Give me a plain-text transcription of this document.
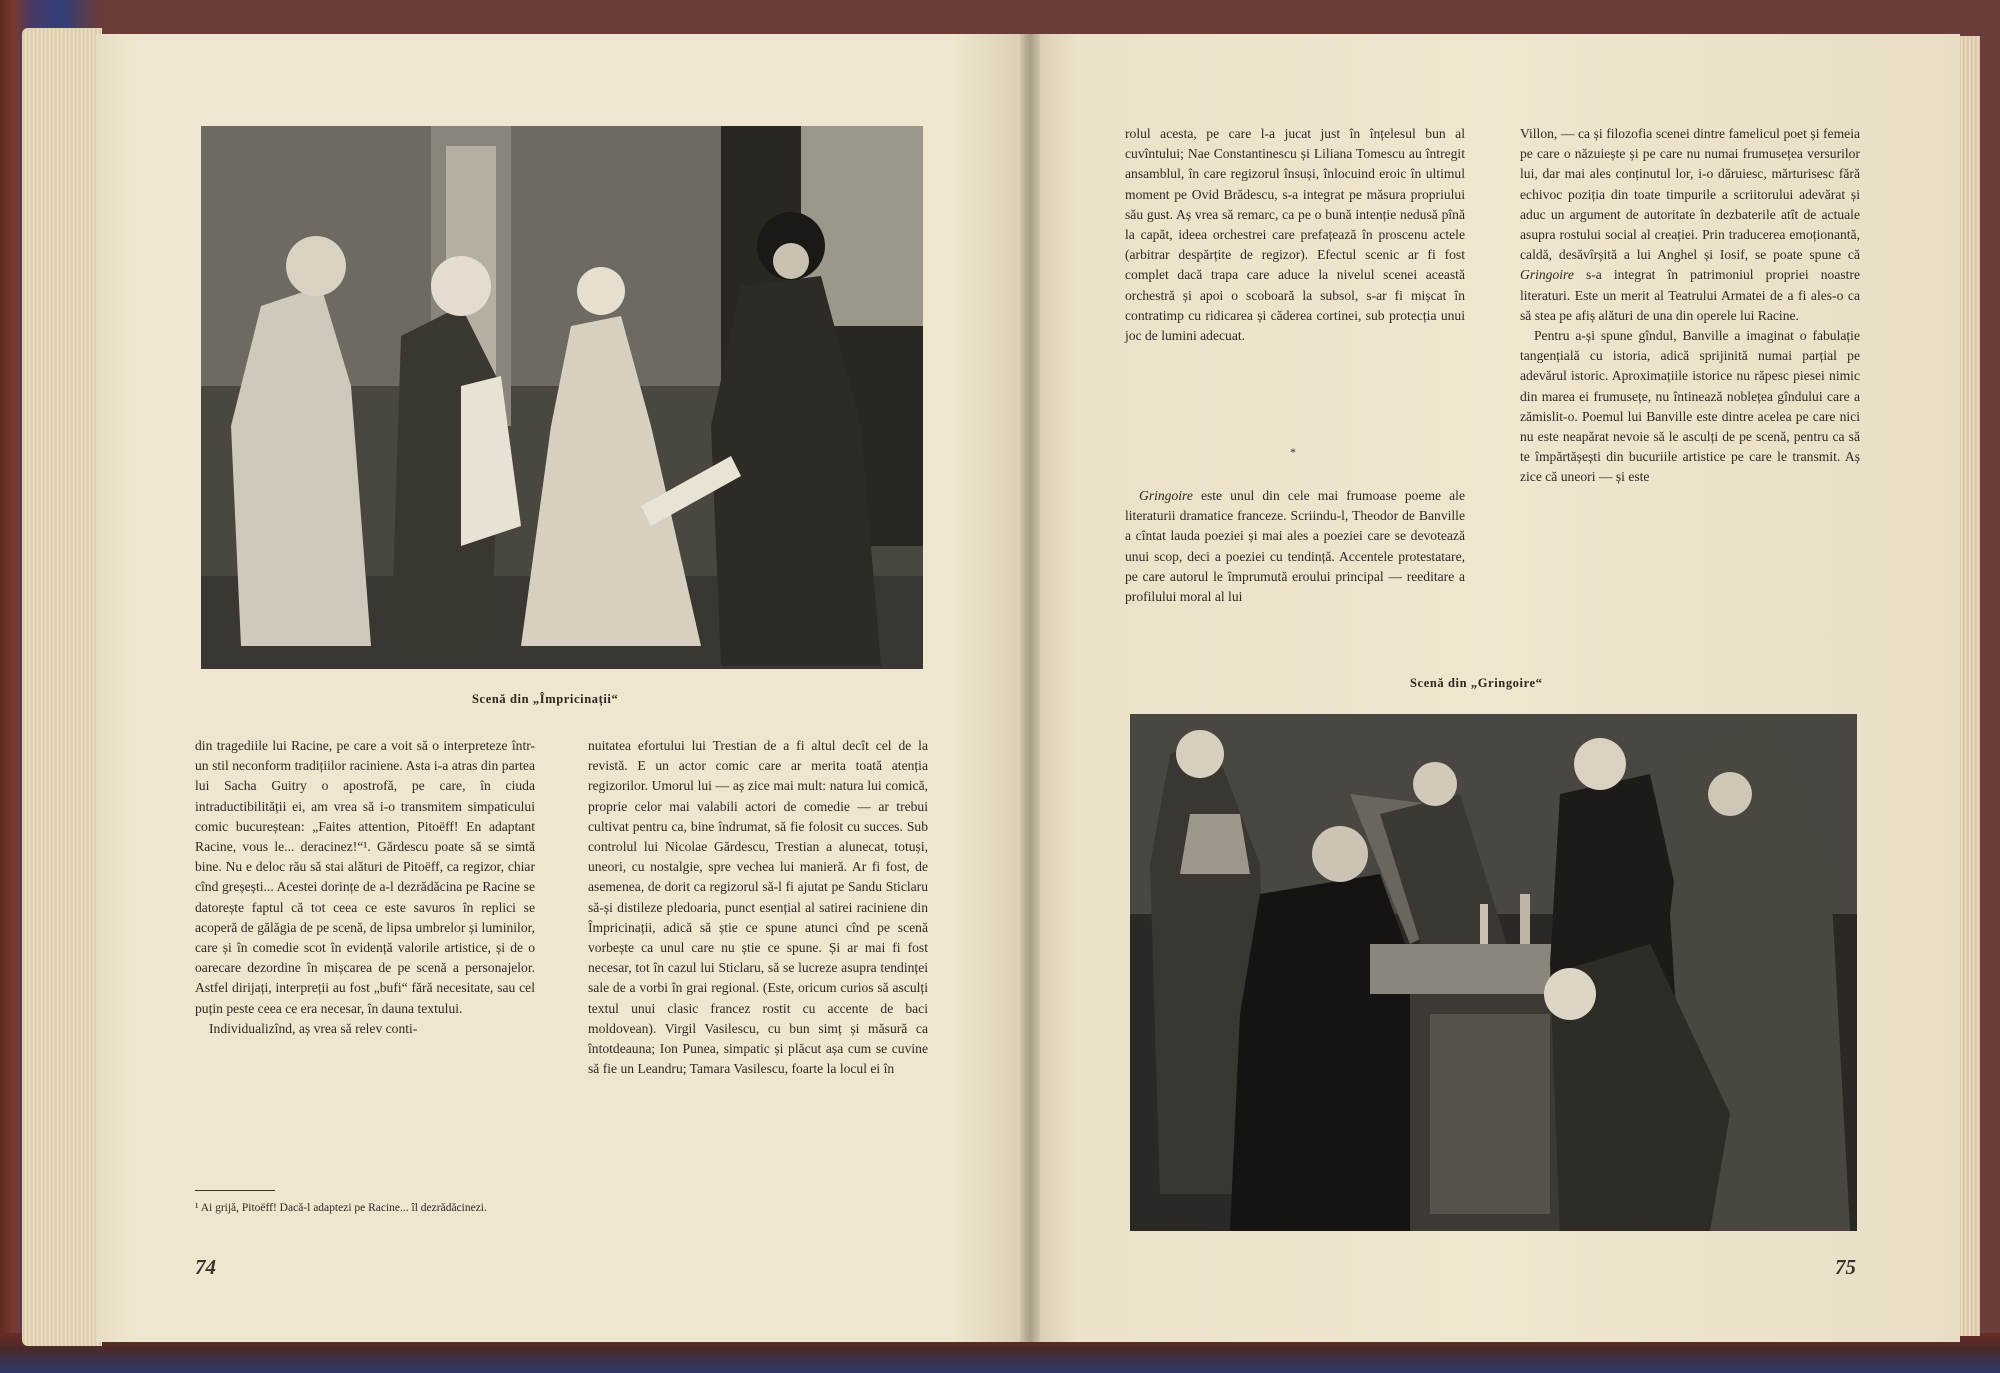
Scenă din „Împricinații“

din tragediile lui Racine, pe care a voit să o interpreteze într-un stil neconform tradițiilor raciniene. Asta i-a atras din partea lui Sacha Guitry o apostrofă, pe care, în ciuda intraductibilității ei, am vrea să i-o transmitem simpaticului comic bucureștean: „Faites attention, Pitoëff! En adaptant Racine, vous le... deracinez!“¹. Gărdescu poate să se simtă bine. Nu e deloc rău să stai alături de Pitoëff, ca regizor, chiar cînd greșești... Acestei dorințe de a-l dezrădăcina pe Racine se datorește faptul că tot ceea ce este savuros în replici se acoperă de gălăgia de pe scenă, de lipsa umbrelor și luminilor, care și în comedie scot în evidență valorile artistice, și de o oarecare dezordine în mișcarea de pe scenă a personajelor. Astfel dirijați, interpreții au fost „bufi“ fără necesitate, sau cel puțin peste ceea ce era necesar, în dauna textului.

Individualizînd, aș vrea să relev conti-

¹ Ai grijă, Pitoëff! Dacă-l adaptezi pe Racine... îl dezrădăcinezi.

nuitatea efortului lui Trestian de a fi altul decît cel de la revistă. E un actor comic care ar merita toată atenția regizorilor. Umorul lui — aș zice mai mult: natura lui comică, proprie celor mai valabili actori de comedie — ar trebui cultivat pentru ca, bine îndrumat, să fie folosit cu succes. Sub controlul lui Nicolae Gărdescu, Trestian a alunecat, totuși, uneori, cu nostalgie, spre vechea lui manieră. Ar fi fost, de asemenea, de dorit ca regizorul să-l fi ajutat pe Sandu Sticlaru să-și distileze pledoaria, punct esențial al satirei raciniene din Împricinații, adică să știe ce spune atunci cînd pe scenă vorbește ca unul care nu știe ce spune. Și ar mai fi fost necesar, tot în cazul lui Sticlaru, să se lucreze asupra tendinței sale de a vorbi în grai regional. (Este, oricum curios să asculți textul unui clasic francez rostit cu accente de baci moldovean). Virgil Vasilescu, cu bun simț și măsură ca întotdeauna; Ion Punea, simpatic și plăcut așa cum se cuvine să fie un Leandru; Tamara Vasilescu, foarte la locul ei în

74

rolul acesta, pe care l-a jucat just în înțelesul bun al cuvîntului; Nae Constantinescu și Liliana Tomescu au întregit ansamblul, în care regizorul însuși, înlocuind eroic în ultimul moment pe Ovid Brădescu, s-a integrat pe măsura propriului său gust. Aș vrea să remarc, ca pe o bună intenție nedusă pînă la capăt, ideea orchestrei care prefațează în proscenu actele (arbitrar despărțite de regizor). Efectul scenic ar fi fost complet dacă trapa care aduce la nivelul scenei această orchestră și apoi o scoboară la subsol, s-ar fi mișcat în contratimp cu ridicarea și căderea cortinei, sub protecția unui joc de lumini adecuat.

*

Gringoire este unul din cele mai frumoase poeme ale literaturii dramatice franceze. Scriindu-l, Theodor de Banville a cîntat lauda poeziei și mai ales a poeziei care se devotează unui scop, deci a poeziei cu tendință. Accentele protestatare, pe care autorul le împrumută eroului principal — reeditare a profilului moral al lui

Villon, — ca și filozofia scenei dintre famelicul poet și femeia pe care o năzuiește și pe care nu numai frumusețea versurilor lui, dar mai ales conținutul lor, i-o dăruiesc, mărturisesc fără echivoc poziția din toate timpurile a scriitorului adevărat și aduc un argument de autoritate în dezbaterile atît de actuale asupra rostului social al creației. Prin traducerea emoționantă, caldă, desăvîrșită a lui Anghel și Iosif, se poate spune că Gringoire s-a integrat în patrimoniul propriei noastre literaturi. Este un merit al Teatrului Armatei de a fi ales-o ca să stea pe afiș alături de una din operele lui Racine.

Pentru a-și spune gîndul, Banville a imaginat o fabulație tangențială cu istoria, adică sprijinită numai parțial pe adevărul istoric. Aproximațiile istorice nu răpesc piesei nimic din marea ei frumusețe, nu întinează noblețea gîndului care a zămislit-o. Poemul lui Banville este dintre acelea pe care nici nu este neapărat nevoie să le asculți de pe scenă, pentru ca să te împărtășești din bucuriile artistice pe care le transmit. Aș zice că uneori — și este

Scenă din „Gringoire“
75
